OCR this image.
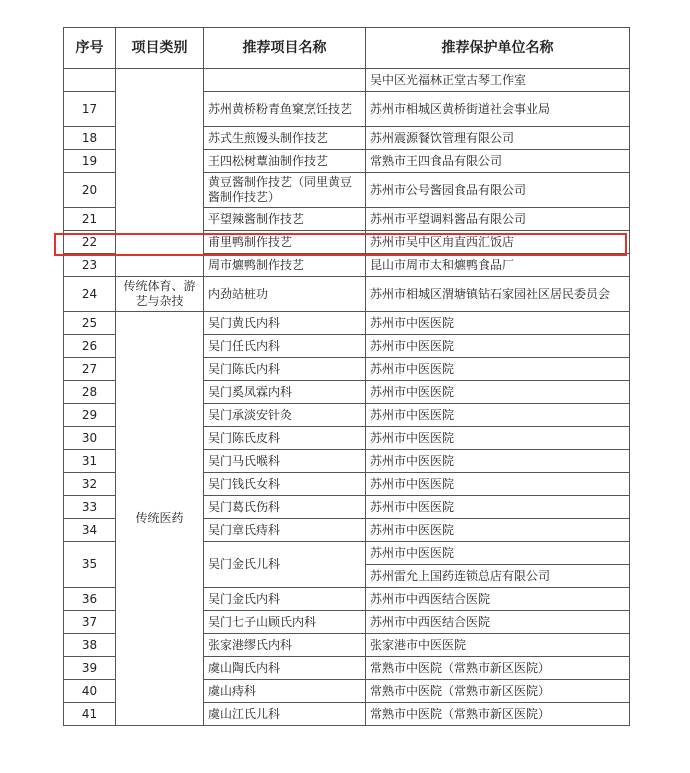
序号	项目类别	推荐项目名称	推荐保护单位名称
			吴中区光福林正堂古琴工作室
17		苏州黄桥粉青鱼窠烹饪技艺	苏州市相城区黄桥街道社会事业局
18		苏式生煎馒头制作技艺	苏州震源餐饮管理有限公司
19		王四松树蕈油制作技艺	常熟市王四食品有限公司
20		黄豆酱制作技艺（同里黄豆酱制作技艺）	苏州市公号酱园食品有限公司
21		平望辣酱制作技艺	苏州市平望调料酱品有限公司
22		甫里鸭制作技艺	苏州市吴中区甪直西汇饭店
23		周市爊鸭制作技艺	昆山市周市太和爊鸭食品厂
24	传统体育、游艺与杂技	内劲站桩功	苏州市相城区渭塘镇钻石家园社区居民委员会
25	传统医药	吴门黄氏内科	苏州市中医医院
26		吴门任氏内科	苏州市中医医院
27		吴门陈氏内科	苏州市中医医院
28		吴门奚凤霖内科	苏州市中医医院
29		吴门承淡安针灸	苏州市中医医院
30		吴门陈氏皮科	苏州市中医医院
31		吴门马氏喉科	苏州市中医医院
32		吴门钱氏女科	苏州市中医医院
33		吴门葛氏伤科	苏州市中医医院
34		吴门章氏痔科	苏州市中医医院
35		吴门金氏儿科	苏州市中医医院
			苏州雷允上国药连锁总店有限公司
36		吴门金氏内科	苏州市中西医结合医院
37		吴门七子山顾氏内科	苏州市中西医结合医院
38		张家港缪氏内科	张家港市中医医院
39		虞山陶氏内科	常熟市中医院（常熟市新区医院）
40		虞山痔科	常熟市中医院（常熟市新区医院）
41		虞山江氏儿科	常熟市中医院（常熟市新区医院）
